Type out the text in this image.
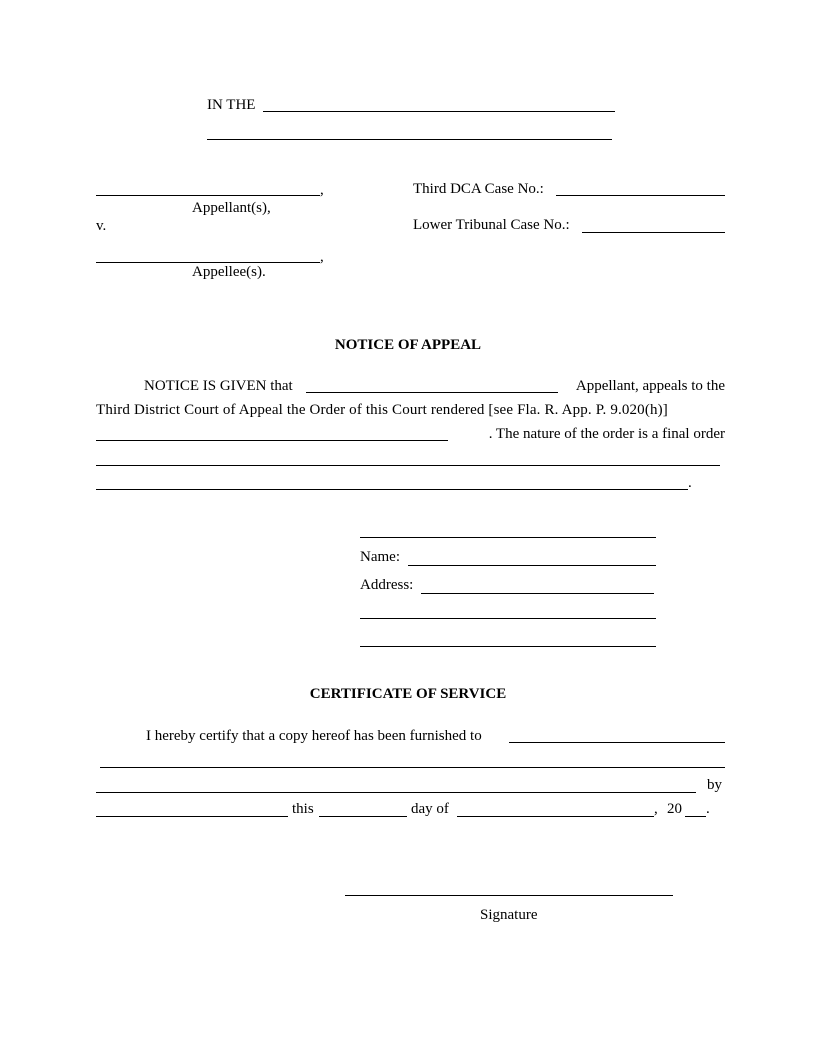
IN THE
,
Appellant(s),
v.
,
Appellee(s).
Third DCA Case No.:
Lower Tribunal Case No.:
NOTICE OF APPEAL
NOTICE IS GIVEN that	Appellant, appeals to the
Third District Court of Appeal the Order of this Court rendered [see Fla. R. App. P. 9.020(h)]
. The nature of the order is a final order
.
Name:
Address:
CERTIFICATE OF SERVICE
I hereby certify that a copy hereof has been furnished to
by
this	day of	, 20 .
Signature
